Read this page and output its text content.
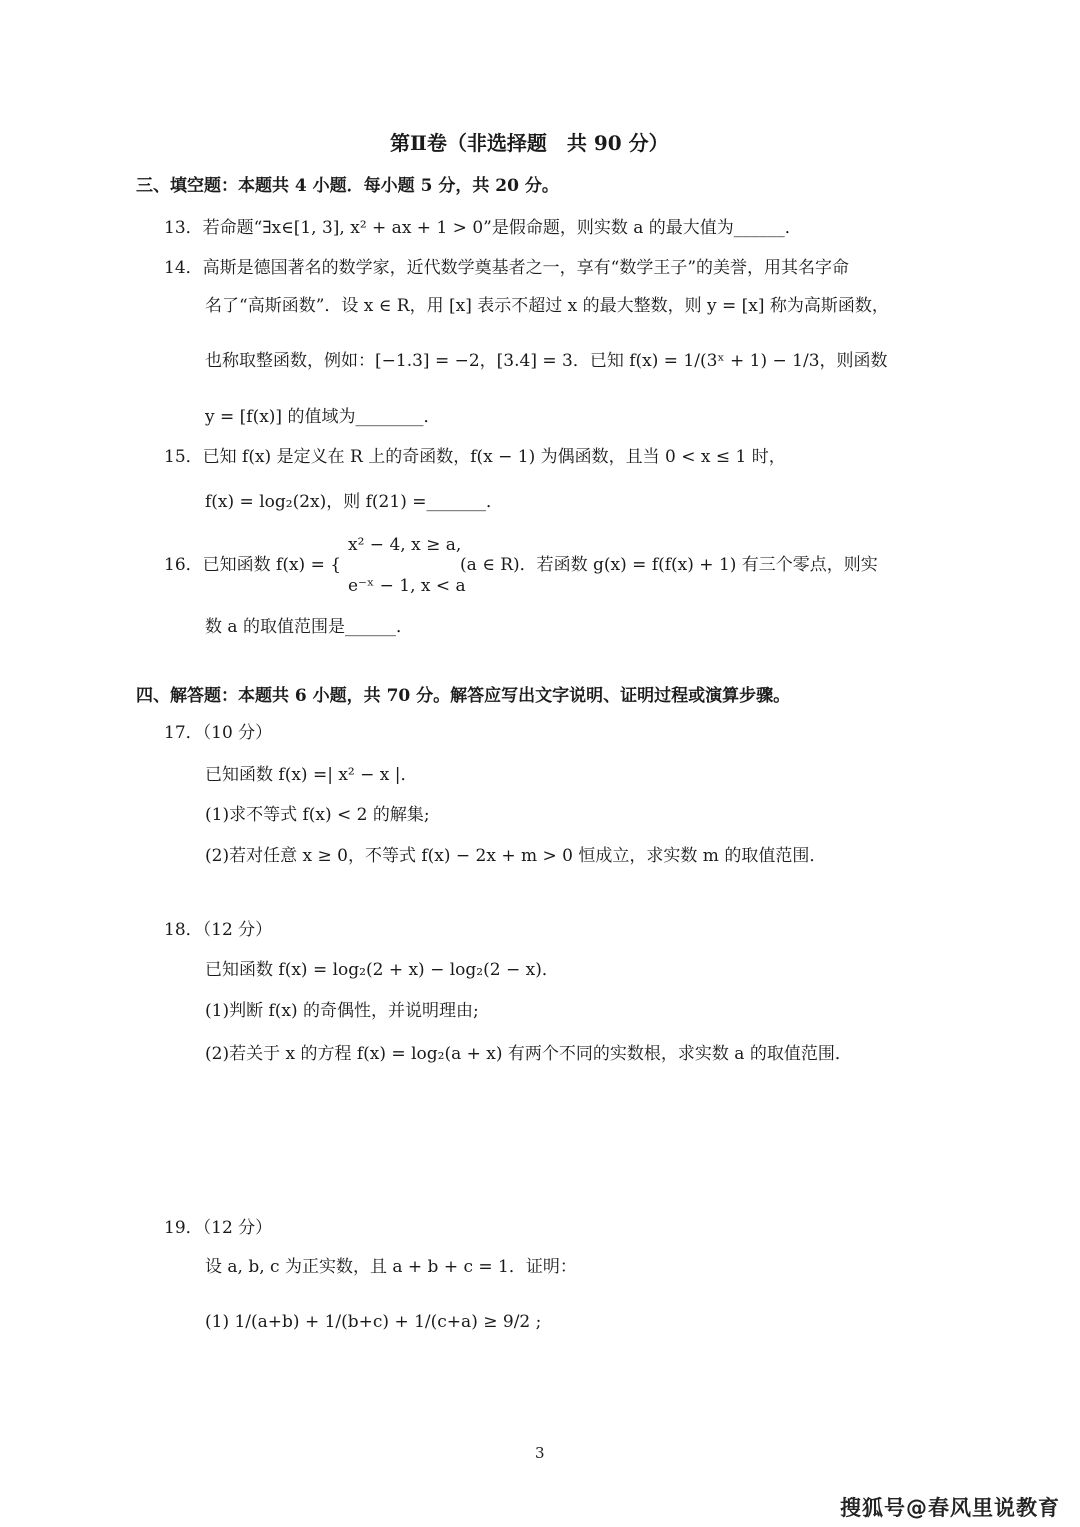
第Ⅱ卷（非选择题　共 90 分）
三、填空题：本题共 4 小题．每小题 5 分，共 20 分。
13．若命题“∃x∈[1, 3], x² + ax + 1 > 0”是假命题，则实数 a 的最大值为______．
14．高斯是德国著名的数学家，近代数学奠基者之一，享有“数学王子”的美誉，用其名字命
名了“高斯函数”．设 x ∈ R，用 [x] 表示不超过 x 的最大整数，则 y = [x] 称为高斯函数，
也称取整函数，例如：[−1.3] = −2，[3.4] = 3．已知 f(x) = 1/(3ˣ + 1) − 1/3，则函数
y = [f(x)] 的值域为________．
15．已知 f(x) 是定义在 R 上的奇函数，f(x − 1) 为偶函数，且当 0 < x ≤ 1 时，
f(x) = log₂(2x)，则 f(21) =_______．
x² − 4, x ≥ a,
16．已知函数 f(x) = {　　　　　　　(a ∈ R)．若函数 g(x) = f(f(x) + 1) 有三个零点，则实
e⁻ˣ − 1, x < a
数 a 的取值范围是______．
四、解答题：本题共 6 小题，共 70 分。解答应写出文字说明、证明过程或演算步骤。
17．（10 分）
已知函数 f(x) =| x² − x |．
(1)求不等式 f(x) < 2 的解集;
(2)若对任意 x ≥ 0，不等式 f(x) − 2x + m > 0 恒成立，求实数 m 的取值范围．
18．（12 分）
已知函数 f(x) = log₂(2 + x) − log₂(2 − x)．
(1)判断 f(x) 的奇偶性，并说明理由;
(2)若关于 x 的方程 f(x) = log₂(a + x) 有两个不同的实数根，求实数 a 的取值范围．
19．（12 分）
设 a, b, c 为正实数，且 a + b + c = 1．证明：
(1) 1/(a+b) + 1/(b+c) + 1/(c+a) ≥ 9/2 ;
3
搜狐号@春风里说教育
